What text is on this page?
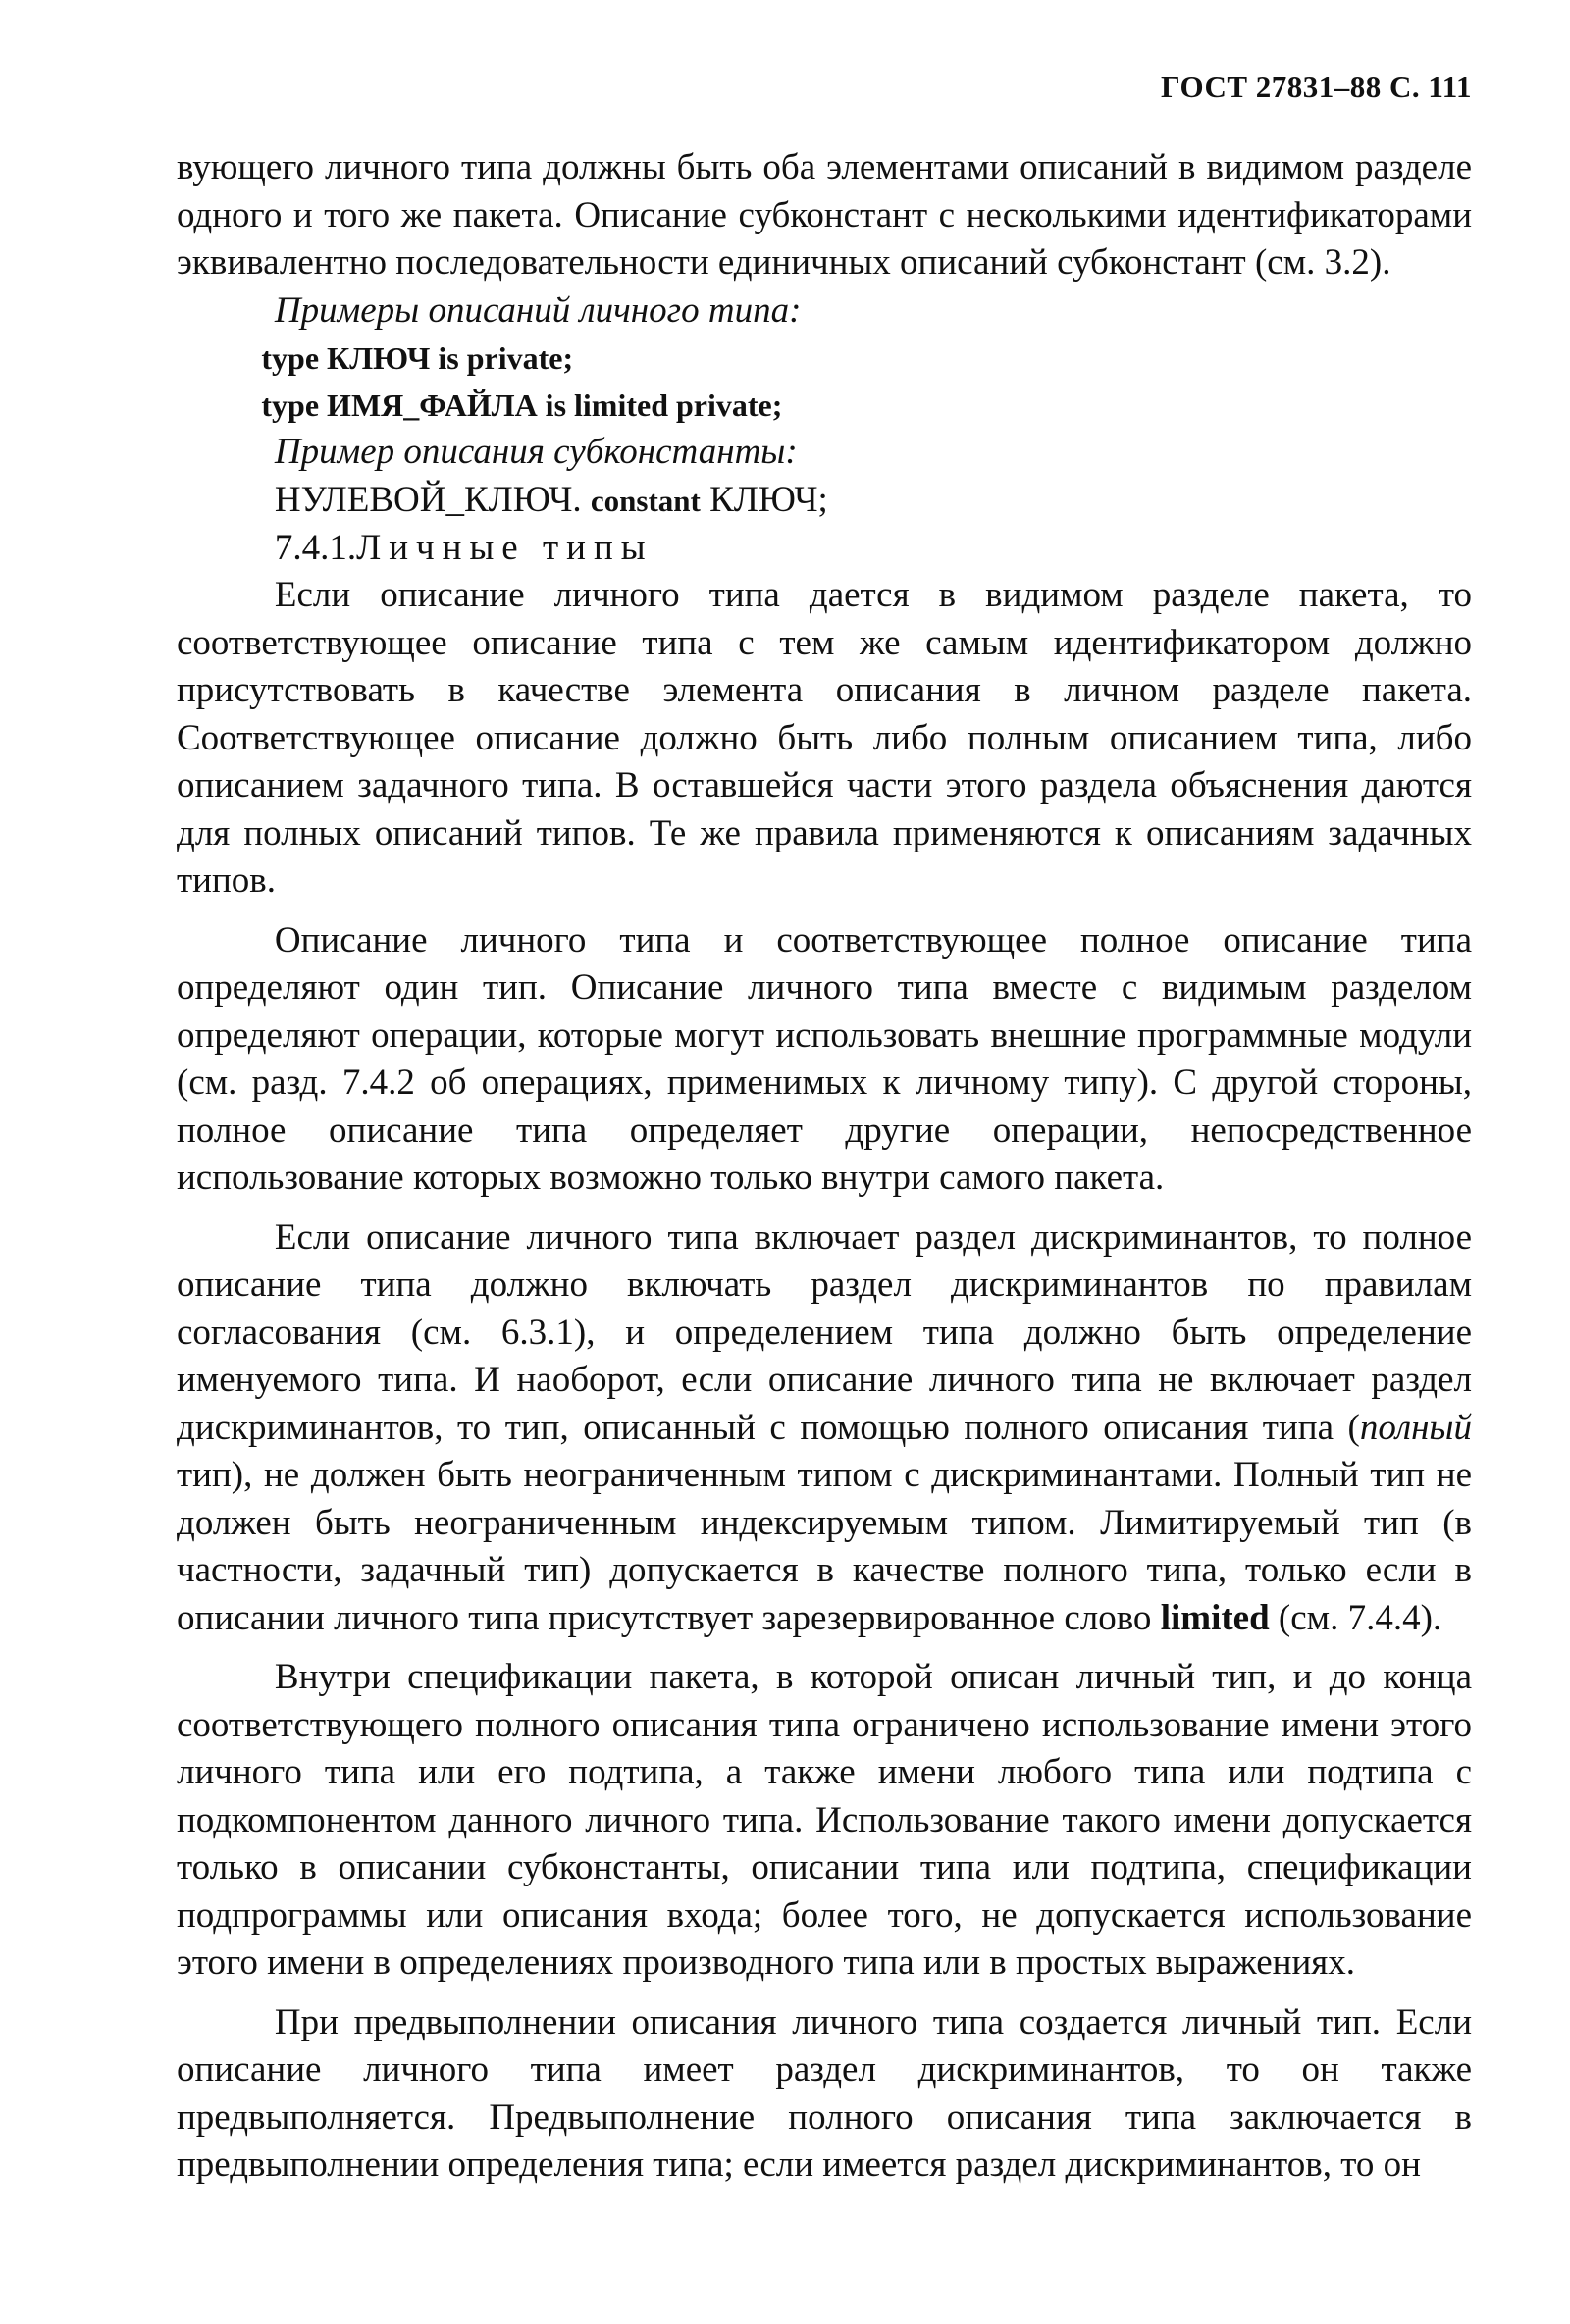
ГОСТ 27831–88 С. 111

вующего личного типа должны быть оба элементами описаний в видимом разделе одного и того же пакета. Описание субконстант с несколькими идентификаторами эквивалентно последовательности единичных описаний субконстант (см. 3.2).

Примеры описаний личного типа:

type КЛЮЧ is private;

type ИМЯ_ФАЙЛА is limited private;

Пример описания субконстанты:

НУЛЕВОЙ_КЛЮЧ. constant КЛЮЧ;

7.4.1.Личные типы

Если описание личного типа дается в видимом разделе пакета, то соответствующее описание типа с тем же самым идентификатором должно присутствовать в качестве элемента описания в личном разделе пакета. Соответствующее описание должно быть либо полным описанием типа, либо описанием задачного типа. В оставшейся части этого раздела объяснения даются для полных описаний типов. Те же правила применяются к описаниям задачных типов.

Описание личного типа и соответствующее полное описание типа определяют один тип. Описание личного типа вместе с видимым разделом определяют операции, которые могут использовать внешние программные модули (см. разд. 7.4.2 об операциях, применимых к личному типу). С другой стороны, полное описание типа определяет другие операции, непосредственное использование которых возможно только внутри самого пакета.

Если описание личного типа включает раздел дискриминантов, то полное описание типа должно включать раздел дискриминантов по правилам согласования (см. 6.3.1), и определением типа должно быть определение именуемого типа. И наоборот, если описание личного типа не включает раздел дискриминантов, то тип, описанный с помощью полного описания типа (полный тип), не должен быть неограниченным типом с дискриминантами. Полный тип не должен быть неограниченным индексируемым типом. Лимитируемый тип (в частности, задачный тип) допускается в качестве полного типа, только если в описании личного типа присутствует зарезервированное слово limited (см. 7.4.4).

Внутри спецификации пакета, в которой описан личный тип, и до конца соответствующего полного описания типа ограничено использование имени этого личного типа или его подтипа, а также имени любого типа или подтипа с подкомпонентом данного личного типа. Использование такого имени допускается только в описании субконстанты, описании типа или подтипа, спецификации подпрограммы или описания входа; более того, не допускается использование этого имени в определениях производного типа или в простых выражениях.

При предвыполнении описания личного типа создается личный тип. Если описание личного типа имеет раздел дискриминантов, то он также предвыполняется. Предвыполнение полного описания типа заключается в предвыполнении определения типа; если имеется раздел дискриминантов, то он
